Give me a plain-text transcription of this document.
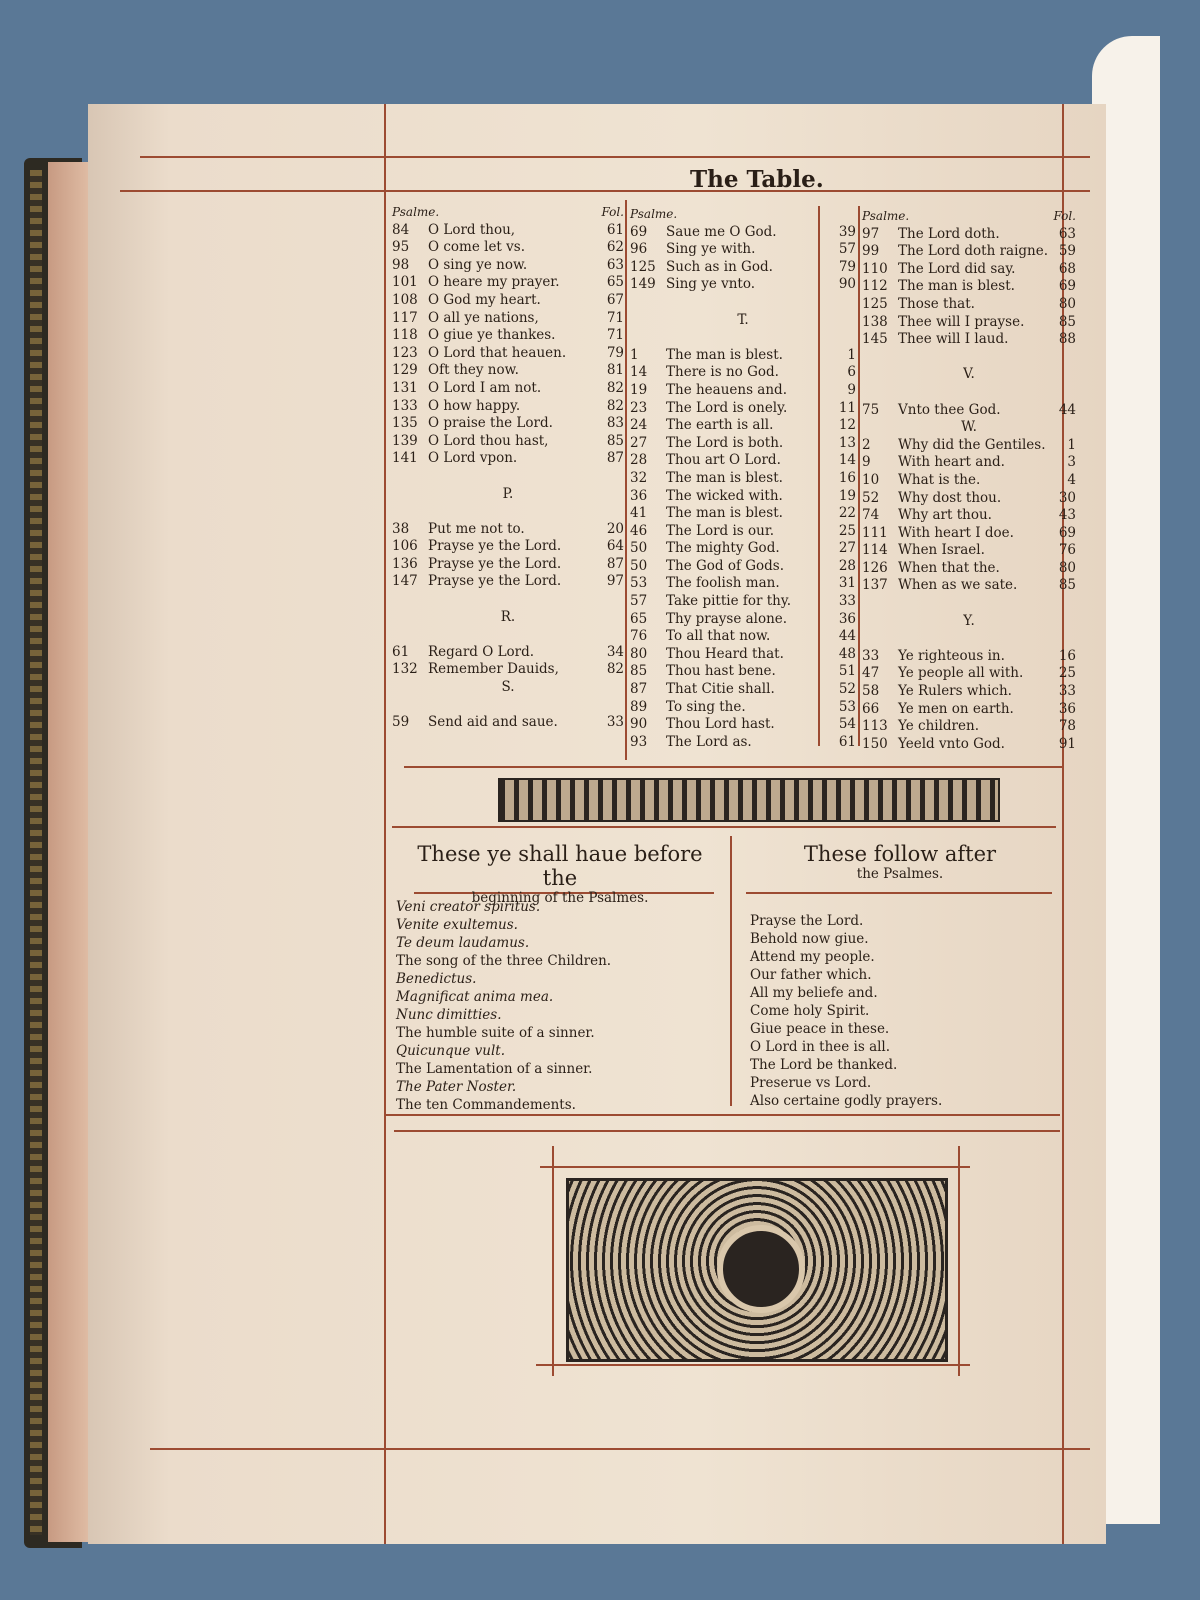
The Table.
Psalme.	Fol.
84	O Lord thou,	61
95	O come let vs.	62
98	O sing ye now.	63
101 O heare my prayer.	65
108 O God my heart.	67
117 O all ye nations,	71
118 O giue ye thankes.	71
123 O Lord that heauen.	79
129 Oft they now.	81
131 O Lord I am not.	82
133 O how happy.	82
135 O praise the Lord.	83
139 O Lord thou hast,	85
141 O Lord vpon.	87
P.
38	Put me not to.	20
106 Prayse ye the Lord.	64
136 Prayse ye the Lord.	87
147 Prayse ye the Lord.	97
R.
61	Regard O Lord.	34
132 Remember Dauids,	82
S.
59	Send aid and saue.	33
Psalme.
69	Saue me O God.	39
96	Sing ye with.	57
125 Such as in God.	79
149 Sing ye vnto.	90
T.
1	The man is blest.	1
14	There is no God.	6
19	The heauens and.	9
23	The Lord is onely.	11
24	The earth is all.	12
27	The Lord is both.	13
28	Thou art O Lord.	14
32	The man is blest.	16
36	The wicked with.	19
41	The man is blest.	22
46	The Lord is our.	25
50	The mighty God.	27
50	The God of Gods.	28
53	The foolish man.	31
57	Take pittie for thy.	33
65	Thy prayse alone.	36
76	To all that now.	44
80	Thou Heard that.	48
85	Thou hast bene.	51
87	That Citie shall.	52
89	To sing the.	53
90	Thou Lord hast.	54
93	The Lord as.	61
Psalme.	Fol.
97	The Lord doth.	63
99	The Lord doth raigne. 59
110 The Lord did say.	68
112 The man is blest.	69
125 Those that.	80
138 Thee will I prayse.	85
145 Thee will I laud.	88
V.
75	Vnto thee God.	44
W.
2	Why did the Gentiles.	1
9	With heart and.	3
10	What is the.	4
52	Why dost thou.	30
74	Why art thou.	43
111 With heart I doe.	69
114 When Israel.	76
126 When that the.	80
137 When as we sate.	85
Y.
33	Ye righteous in.	16
47	Ye people all with.	25
58	Ye Rulers which.	33
66	Ye men on earth.	36
113 Ye children.	78
150 Yeeld vnto God.	91
These ye shall haue before the
beginning of the Psalmes.
Veni creator spiritus.
Venite exultemus.
Te deum laudamus.
The song of the three Children.
Benedictus.
Magnificat anima mea.
Nunc dimitties.
The humble suite of a sinner.
Quicunque vult.
The Lamentation of a sinner.
The Pater Noster.
The ten Commandements.
These follow after
the Psalmes.
Prayse the Lord.
Behold now giue.
Attend my people.
Our father which.
All my beliefe and.
Come holy Spirit.
Giue peace in these.
O Lord in thee is all.
The Lord be thanked.
Preserue vs Lord.
Also certaine godly prayers.
